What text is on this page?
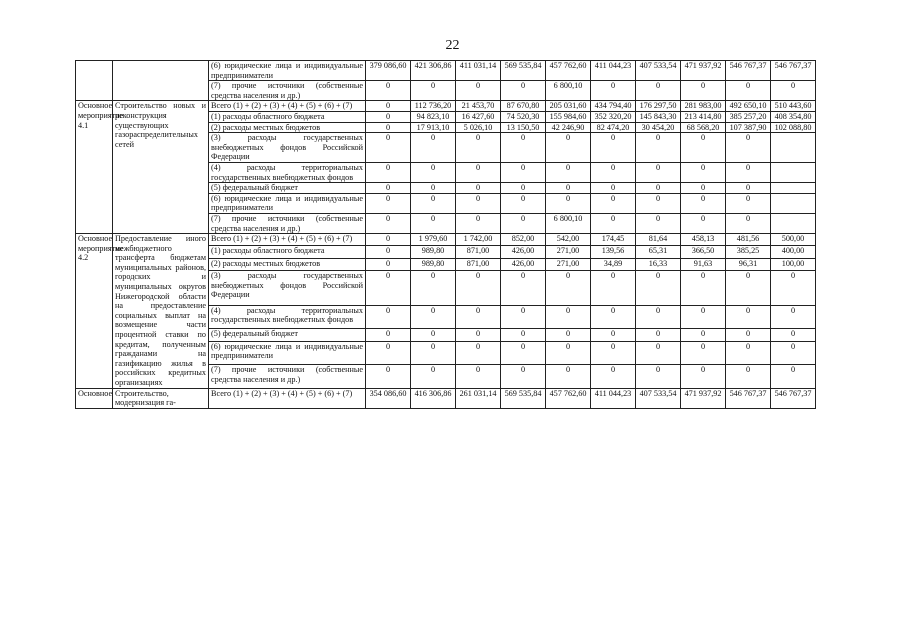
22
		(6) юридические лица и индивидуальные предприниматели	379 086,60	421 306,86	411 031,14	569 535,84	457 762,60	411 044,23	407 533,54	471 937,92	546 767,37	546 767,37
		(7) прочие источники (собственные средства населения и др.)	0	0	0	0	6 800,10	0	0	0	0	0
Основное мероприятие 4.1	Строительство новых и реконструкция существующих газораспределительных сетей	Всего (1) + (2) + (3) + (4) + (5) + (6) + (7)	0	112 736,20	21 453,70	87 670,80	205 031,60	434 794,40	176 297,50	281 983,00	492 650,10	510 443,60
		(1) расходы областного бюджета	0	94 823,10	16 427,60	74 520,30	155 984,60	352 320,20	145 843,30	213 414,80	385 257,20	408 354,80
		(2) расходы местных бюджетов	0	17 913,10	5 026,10	13 150,50	42 246,90	82 474,20	30 454,20	68 568,20	107 387,90	102 088,80
		(3) расходы государственных внебюджетных фондов Российской Федерации	0	0	0	0	0	0	0	0	0	
		(4) расходы территориальных государственных внебюджетных фондов	0	0	0	0	0	0	0	0	0	
		(5) федеральный бюджет	0	0	0	0	0	0	0	0	0	
		(6) юридические лица и индивидуальные предприниматели	0	0	0	0	0	0	0	0	0	
		(7) прочие источники (собственные средства населения и др.)	0	0	0	0	6 800,10	0	0	0	0	
Основное мероприятие 4.2	Предоставление иного межбюджетного трансферта бюджетам муниципальных районов, городских и муниципальных округов Нижегородской области на предоставление социальных выплат на возмещение части процентной ставки по кредитам, полученным гражданами на газификацию жилья в российских кредитных организациях	Всего (1) + (2) + (3) + (4) + (5) + (6) + (7)	0	1 979,60	1 742,00	852,00	542,00	174,45	81,64	458,13	481,56	500,00
		(1) расходы областного бюджета	0	989,80	871,00	426,00	271,00	139,56	65,31	366,50	385,25	400,00
		(2) расходы местных бюджетов	0	989,80	871,00	426,00	271,00	34,89	16,33	91,63	96,31	100,00
		(3) расходы государственных внебюджетных фондов Российской Федерации	0	0	0	0	0	0	0	0	0	0
		(4) расходы территориальных государственных внебюджетных фондов	0	0	0	0	0	0	0	0	0	0
		(5) федеральный бюджет	0	0	0	0	0	0	0	0	0	0
		(6) юридические лица и индивидуальные предприниматели	0	0	0	0	0	0	0	0	0	0
		(7) прочие источники (собственные средства населения и др.)	0	0	0	0	0	0	0	0	0	0
Основное	Строительство, модернизация га-	Всего (1) + (2) + (3) + (4) + (5) + (6) + (7)	354 086,60	416 306,86	261 031,14	569 535,84	457 762,60	411 044,23	407 533,54	471 937,92	546 767,37	546 767,37
